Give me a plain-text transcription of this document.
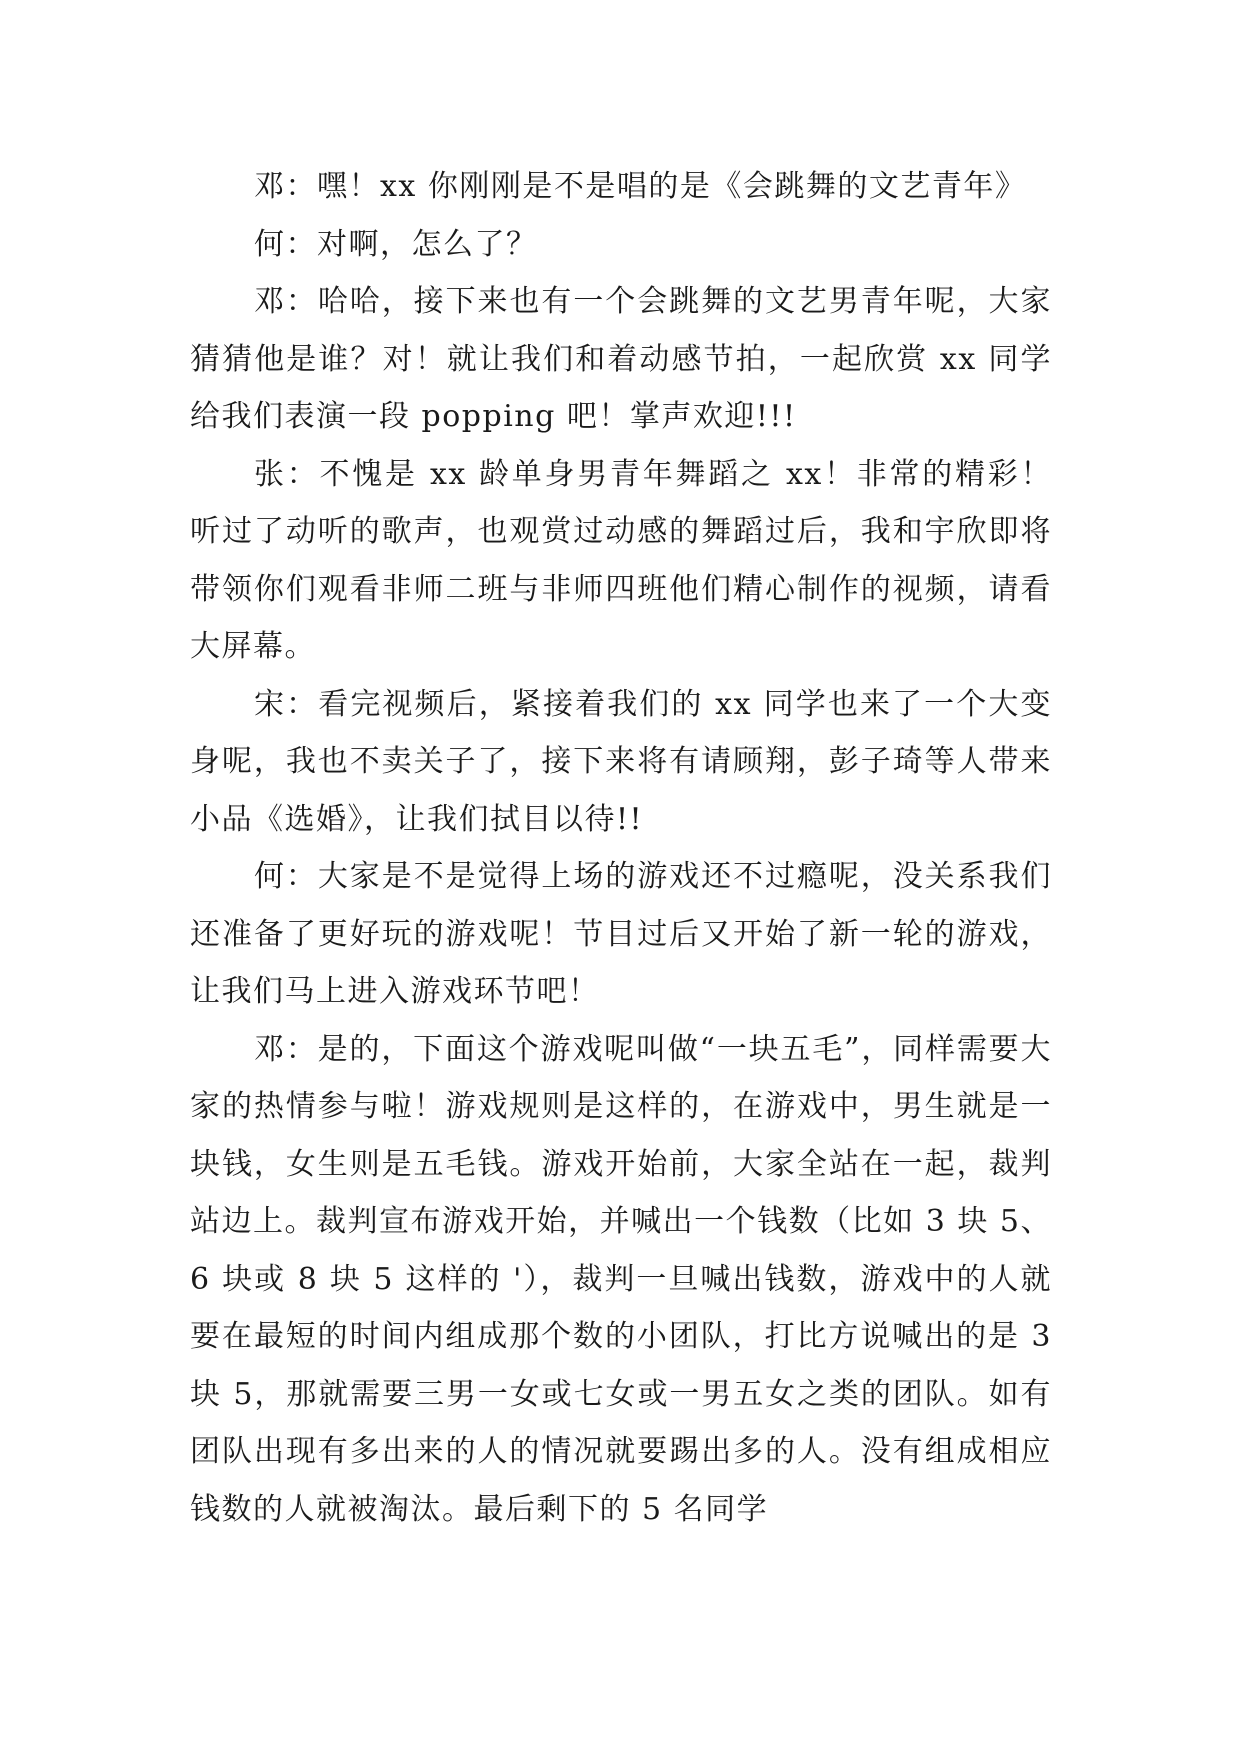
邓：嘿！xx 你刚刚是不是唱的是《会跳舞的文艺青年》

何：对啊，怎么了？

邓：哈哈，接下来也有一个会跳舞的文艺男青年呢，大家猜猜他是谁？对！就让我们和着动感节拍，一起欣赏 xx 同学给我们表演一段 popping 吧！掌声欢迎!!!

张：不愧是 xx 龄单身男青年舞蹈之 xx！非常的精彩！听过了动听的歌声，也观赏过动感的舞蹈过后，我和宇欣即将带领你们观看非师二班与非师四班他们精心制作的视频，请看大屏幕。

宋：看完视频后，紧接着我们的 xx 同学也来了一个大变身呢，我也不卖关子了，接下来将有请顾翔，彭子琦等人带来小品《选婚》，让我们拭目以待!!

何：大家是不是觉得上场的游戏还不过瘾呢，没关系我们还准备了更好玩的游戏呢！节目过后又开始了新一轮的游戏，让我们马上进入游戏环节吧！

邓：是的，下面这个游戏呢叫做“一块五毛”，同样需要大家的热情参与啦！游戏规则是这样的，在游戏中，男生就是一块钱，女生则是五毛钱。游戏开始前，大家全站在一起，裁判站边上。裁判宣布游戏开始，并喊出一个钱数（比如 3 块 5、6 块或 8 块 5 这样的 '），裁判一旦喊出钱数，游戏中的人就要在最短的时间内组成那个数的小团队，打比方说喊出的是 3 块 5，那就需要三男一女或七女或一男五女之类的团队。如有团队出现有多出来的人的情况就要踢出多的人。没有组成相应钱数的人就被淘汰。最后剩下的 5 名同学
